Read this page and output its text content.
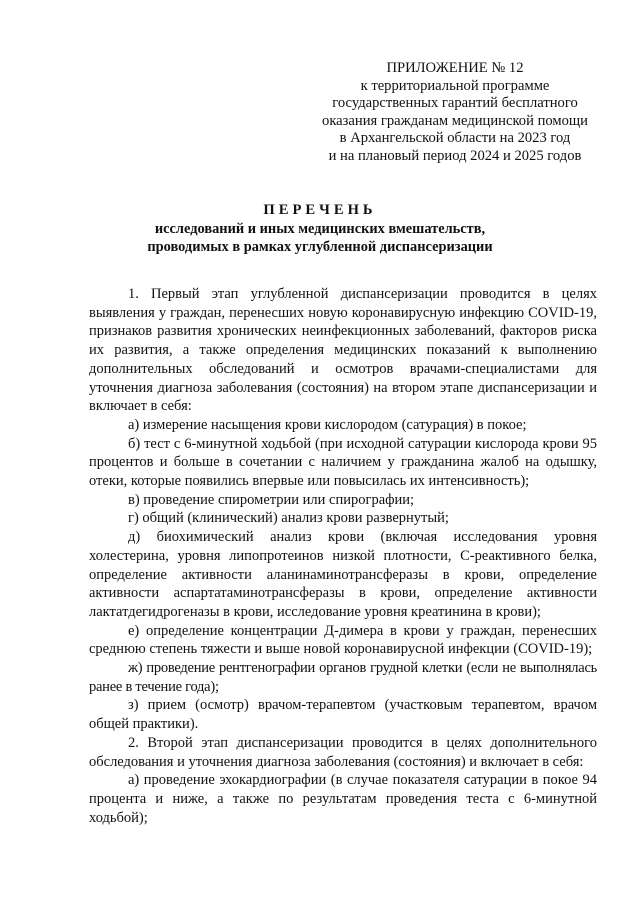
ПРИЛОЖЕНИЕ № 12
к территориальной программе
государственных гарантий бесплатного
оказания гражданам медицинской помощи
в Архангельской области на 2023 год
и на плановый период 2024 и 2025 годов
ПЕРЕЧЕНЬ
исследований и иных медицинских вмешательств,
проводимых в рамках углубленной диспансеризации

1. Первый этап углубленной диспансеризации проводится в целях выявления у граждан, перенесших новую коронавирусную инфекцию COVID-19, признаков развития хронических неинфекционных заболеваний, факторов риска их развития, а также определения медицинских показаний к выполнению дополнительных обследований и осмотров врачами-специалистами для уточнения диагноза заболевания (состояния) на втором этапе диспансеризации и включает в себя:

а) измерение насыщения крови кислородом (сатурация) в покое;

б) тест с 6-минутной ходьбой (при исходной сатурации кислорода крови 95 процентов и больше в сочетании с наличием у гражданина жалоб на одышку, отеки, которые появились впервые или повысилась их интенсивность);

в) проведение спирометрии или спирографии;

г) общий (клинический) анализ крови развернутый;

д) биохимический анализ крови (включая исследования уровня холестерина, уровня липопротеинов низкой плотности, С-реактивного белка, определение активности аланинаминотрансферазы в крови, определение активности аспартатаминотрансферазы в крови, определение активности лактатдегидрогеназы в крови, исследование уровня креатинина в крови);

е) определение концентрации Д-димера в крови у граждан, перенесших среднюю степень тяжести и выше новой коронавирусной инфекции (COVID-19);

ж) проведение рентгенографии органов грудной клетки (если не выполнялась ранее в течение года);

з) прием (осмотр) врачом-терапевтом (участковым терапевтом, врачом общей практики).

2. Второй этап диспансеризации проводится в целях дополнительного обследования и уточнения диагноза заболевания (состояния) и включает в себя:

а) проведение эхокардиографии (в случае показателя сатурации в покое 94 процента и ниже, а также по результатам проведения теста с 6-минутной ходьбой);
